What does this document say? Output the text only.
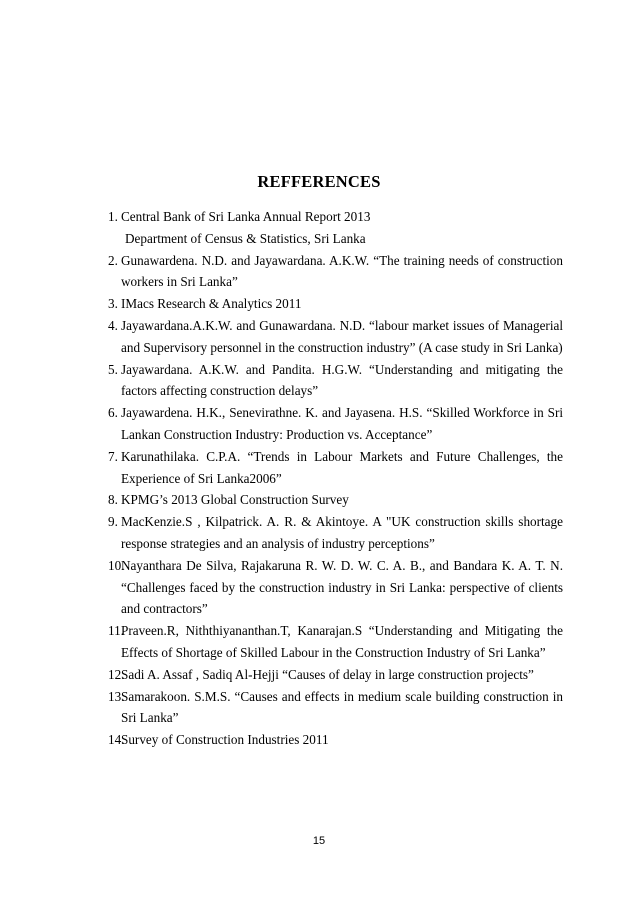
REFFERENCES
1. Central Bank of Sri Lanka Annual Report 2013
Department of Census & Statistics, Sri Lanka
2. Gunawardena. N.D. and Jayawardana. A.K.W. “The training needs of construction workers in Sri Lanka”
3. IMacs Research & Analytics 2011
4. Jayawardana.A.K.W. and Gunawardana. N.D. “labour market issues of Managerial and Supervisory personnel in the construction industry” (A case study in Sri Lanka)
5. Jayawardana. A.K.W. and Pandita. H.G.W. “Understanding and mitigating the factors affecting construction delays”
6. Jayawardena. H.K., Senevirathne. K. and Jayasena. H.S. “Skilled Workforce in Sri Lankan Construction Industry: Production vs. Acceptance”
7. Karunathilaka. C.P.A. “Trends in Labour Markets and Future Challenges, the Experience of Sri Lanka2006”
8. KPMG’s 2013 Global Construction Survey
9. MacKenzie.S , Kilpatrick. A. R. & Akintoye. A "UK construction skills shortage response strategies and an analysis of industry perceptions”
10.
Nayanthara De Silva, Rajakaruna R. W. D. W. C. A. B., and Bandara K. A. T. N. “Challenges faced by the construction industry in Sri Lanka: perspective of clients and contractors”
11.
Praveen.R, Niththiyananthan.T, Kanarajan.S “Understanding and Mitigating the Effects of Shortage of Skilled Labour in the Construction Industry of Sri Lanka”
12.
Sadi A. Assaf , Sadiq Al-Hejji “Causes of delay in large construction projects”
13.
Samarakoon. S.M.S. “Causes and effects in medium scale building construction in Sri Lanka”
14.
Survey of Construction Industries 2011
15
